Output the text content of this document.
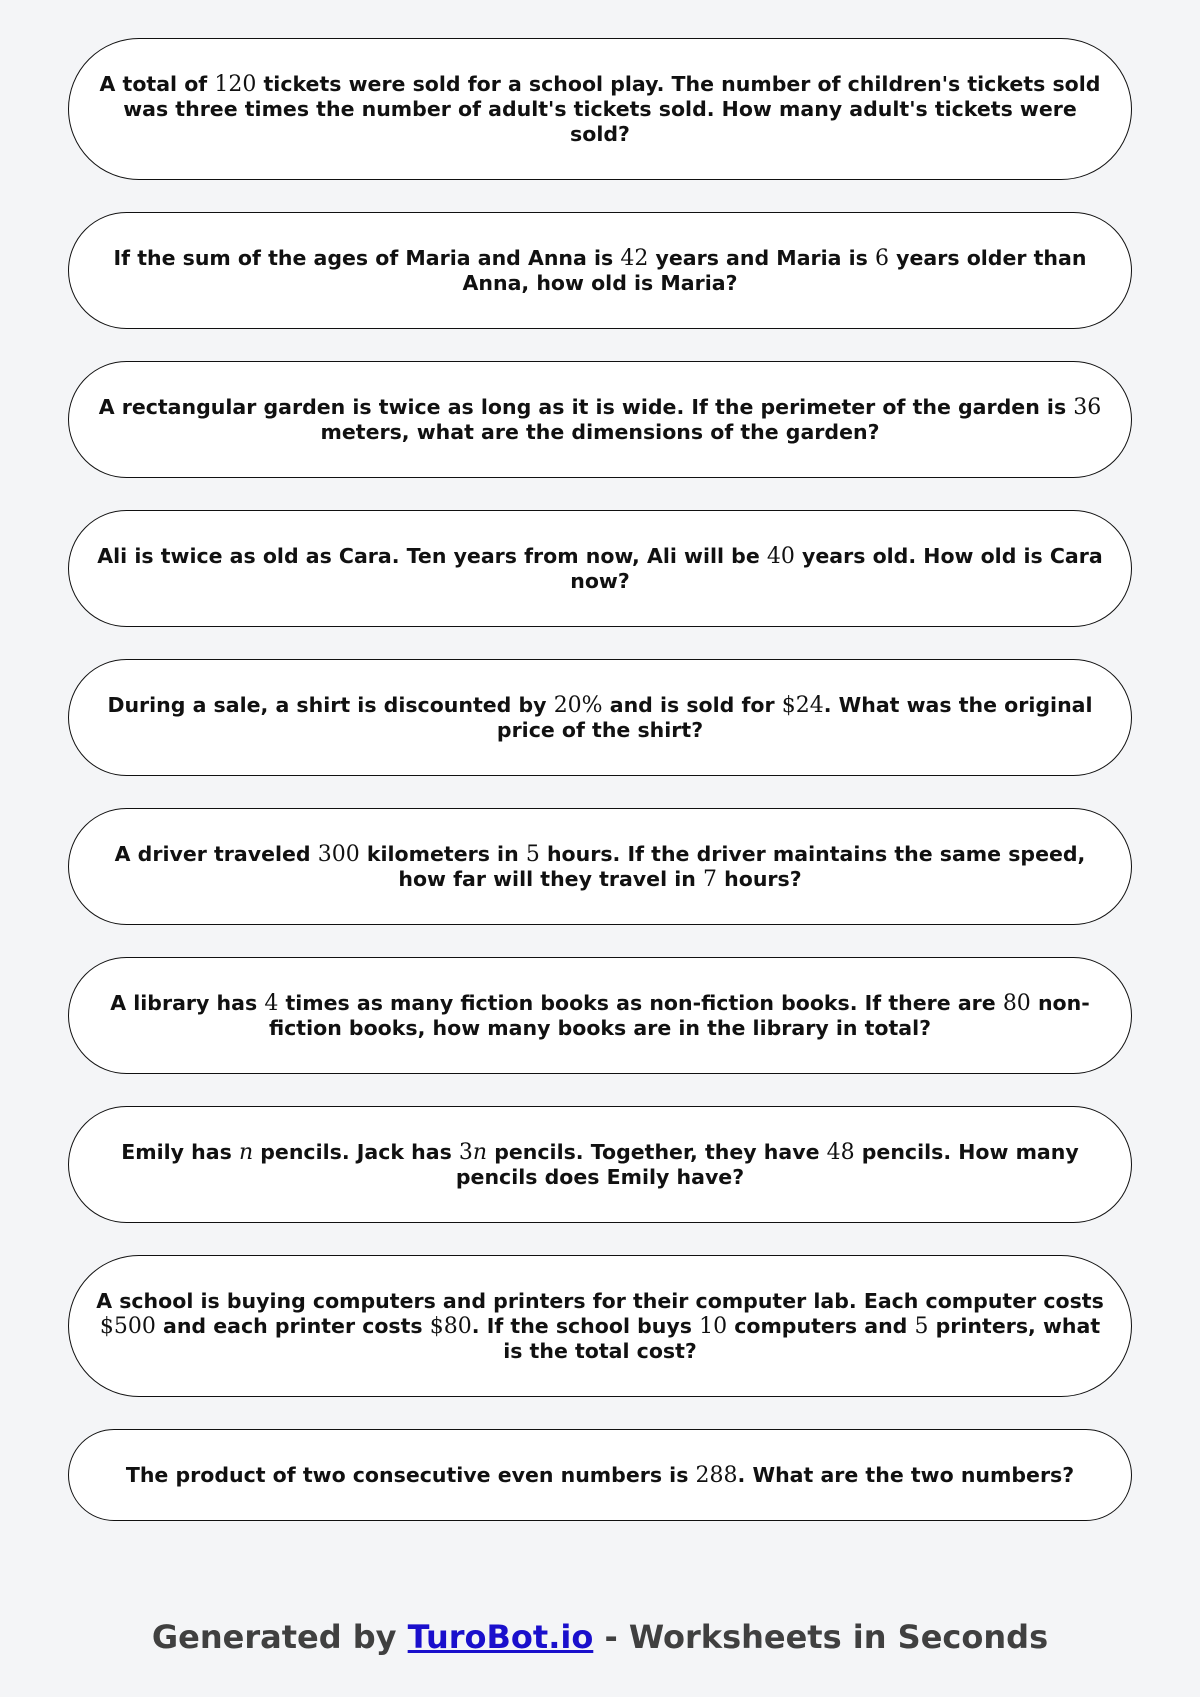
A total of 120 tickets were sold for a school play. The number of children's tickets sold was three times the number of adult's tickets sold. How many adult's tickets were sold?
If the sum of the ages of Maria and Anna is 42 years and Maria is 6 years older than Anna, how old is Maria?
A rectangular garden is twice as long as it is wide. If the perimeter of the garden is 36 meters, what are the dimensions of the garden?
Ali is twice as old as Cara. Ten years from now, Ali will be 40 years old. How old is Cara now?
During a sale, a shirt is discounted by 20% and is sold for $24. What was the original price of the shirt?
A driver traveled 300 kilometers in 5 hours. If the driver maintains the same speed, how far will they travel in 7 hours?
A library has 4 times as many fiction books as non-fiction books. If there are 80 non-fiction books, how many books are in the library in total?
Emily has n pencils. Jack has 3n pencils. Together, they have 48 pencils. How many pencils does Emily have?
A school is buying computers and printers for their computer lab. Each computer costs $500 and each printer costs $80. If the school buys 10 computers and 5 printers, what is the total cost?
The product of two consecutive even numbers is 288. What are the two numbers?
Generated by TuroBot.io - Worksheets in Seconds
